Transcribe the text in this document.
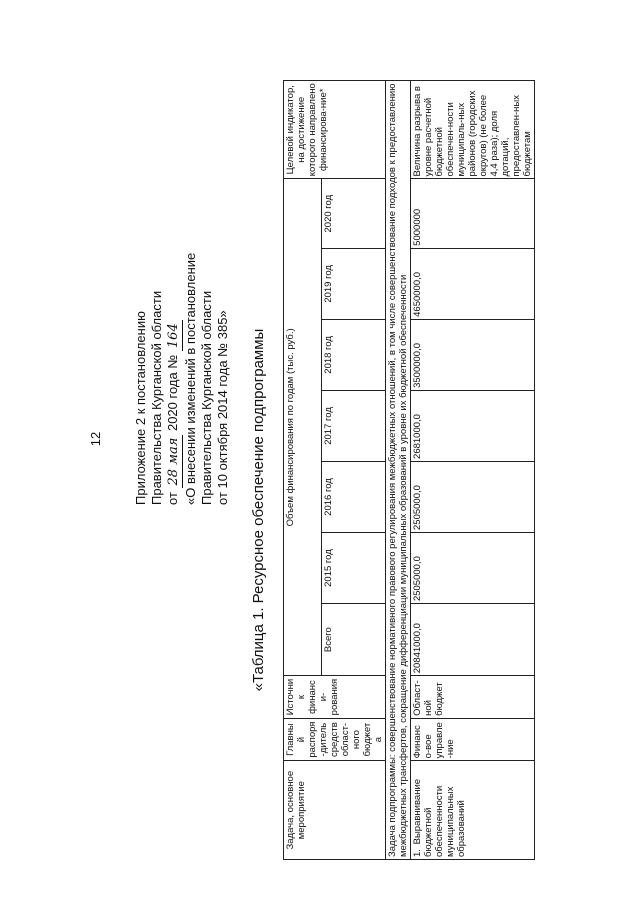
12 Приложение 2 к постановлению Правительства Курганской области от 28 мая 2020 года № 164 «О внесении изменений в постановление Правительства Курганской области от 10 октября 2014 года № 385» «Таблица 1. Ресурсное обеспечение подпрограммы
Задача, основное мероприятие	Главный распоря-дитель средств област-ного бюджета	Источник финанси-рования	Объем финансирования по годам (тыс. руб.)							Целевой индикатор, на достижение которого направлено финансирова-ние*
			Всего	2015 год	2016 год	2017 год	2018 год	2019 год	2020 год	
Задача подпрограммы: совершенствование нормативного правового регулирования межбюджетных отношений, в том числе совершенствование подходов к предоставлению межбюджетных трансфертов, сокращение дифференциации муниципальных образований в уровне их бюджетной обеспеченности										
1. Выравнивание бюджетной обеспеченности муниципальных образований	Финансо-вое управле-ние	Област-ной бюджет	20841000,0	2505000,0	2505000,0	2681000,0	3500000,0	4650000,0	5000000	Величина разрыва в уровне расчетной бюджетной обеспечен-ности муниципаль-ных районов (городских округов) (не более 4,4 раза); доля дотаций, предоставлен-ных бюджетам
